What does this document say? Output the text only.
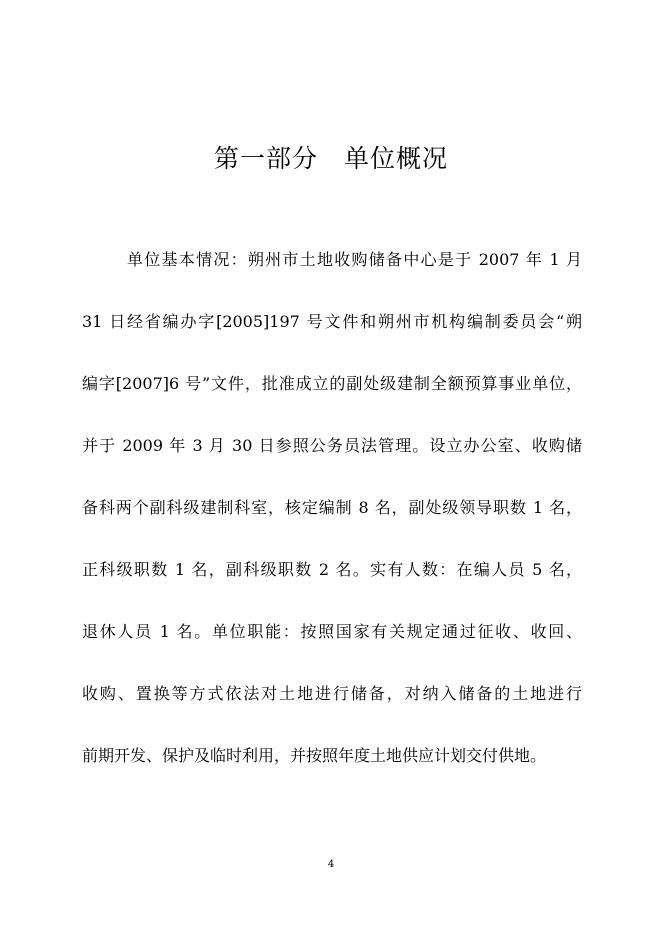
第一部分　单位概况
单位基本情况：朔州市土地收购储备中心是于 2007 年 1 月
31 日经省编办字[2005]197 号文件和朔州市机构编制委员会“朔
编字[2007]6 号”文件，批准成立的副处级建制全额预算事业单位，
并于 2009 年 3 月 30 日参照公务员法管理。设立办公室、收购储
备科两个副科级建制科室，核定编制 8 名，副处级领导职数 1 名，
正科级职数 1 名，副科级职数 2 名。实有人数：在编人员 5 名，
退休人员 1 名。单位职能：按照国家有关规定通过征收、收回、
收购、置换等方式依法对土地进行储备，对纳入储备的土地进行
前期开发、保护及临时利用，并按照年度土地供应计划交付供地。
4
